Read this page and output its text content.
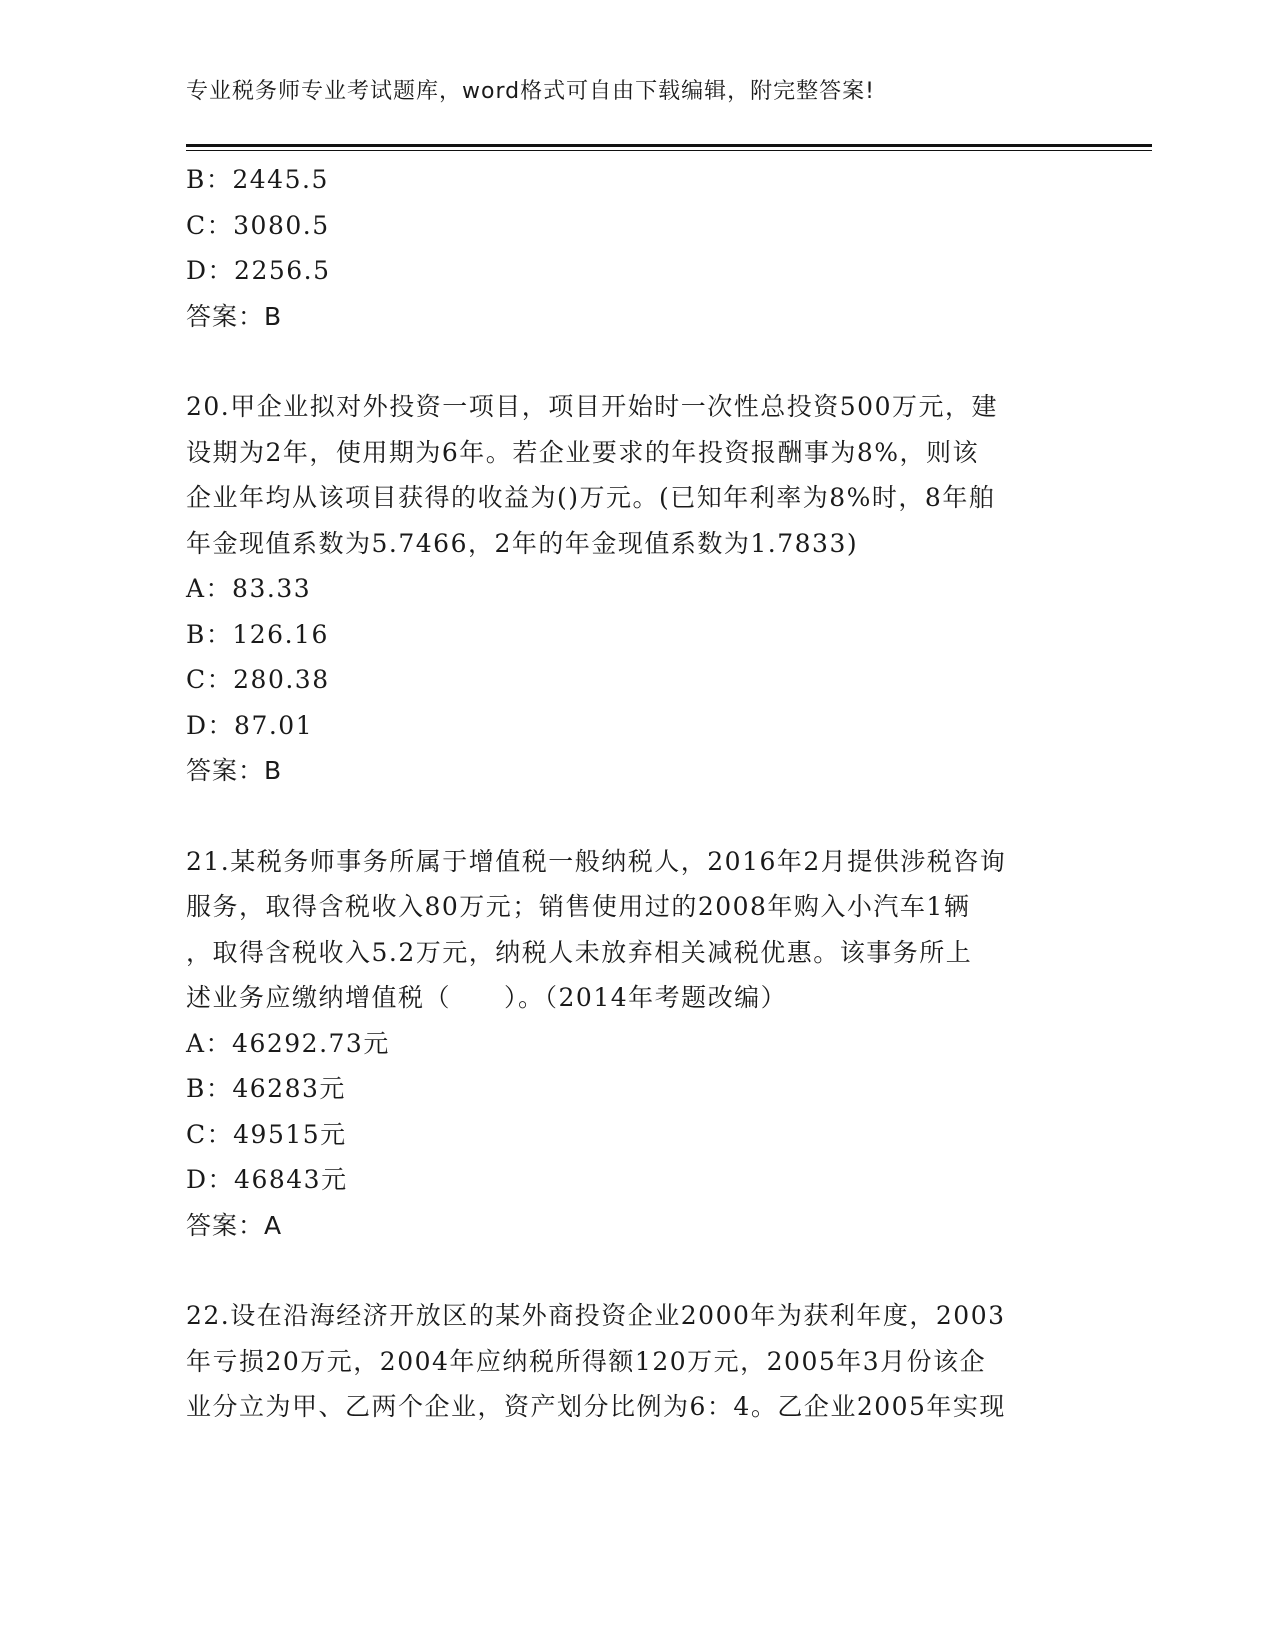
专业税务师专业考试题库，word格式可自由下载编辑，附完整答案!
B：2445.5
C：3080.5
D：2256.5
答案：B
20.甲企业拟对外投资一项目，项目开始时一次性总投资500万元，建
设期为2年，使用期为6年。若企业要求的年投资报酬事为8%，则该
企业年均从该项目获得的收益为()万元。(已知年利率为8%时，8年舶
年金现值系数为5.7466，2年的年金现值系数为1.7833)
A：83.33
B：126.16
C：280.38
D：87.01
答案：B
21.某税务师事务所属于增值税一般纳税人，2016年2月提供涉税咨询
服务，取得含税收入80万元；销售使用过的2008年购入小汽车1辆
，取得含税收入5.2万元，纳税人未放弃相关减税优惠。该事务所上
述业务应缴纳增值税（　　）。（2014年考题改编）
A：46292.73元
B：46283元
C：49515元
D：46843元
答案：A
22.设在沿海经济开放区的某外商投资企业2000年为获利年度，2003
年亏损20万元，2004年应纳税所得额120万元，2005年3月份该企
业分立为甲、乙两个企业，资产划分比例为6：4。乙企业2005年实现
